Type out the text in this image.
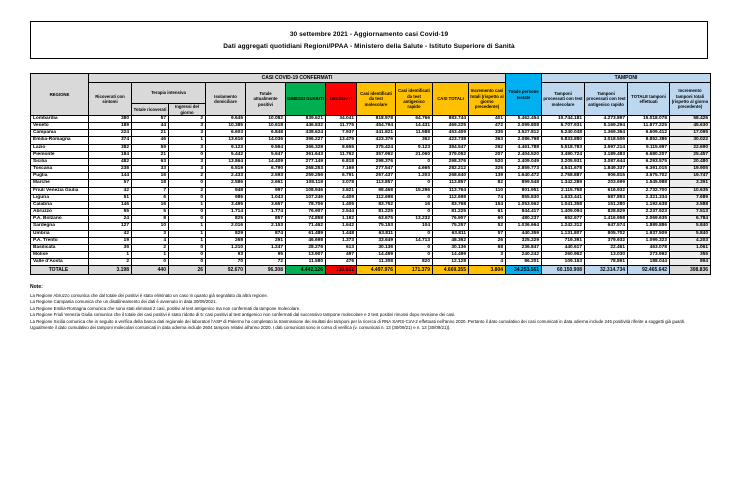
30 settembre 2021 - Aggiornamento casi Covid-19
Dati aggregati quotidiani Regioni/PPAA - Ministero della Salute - Istituto Superiore di Sanità
REGIONE	CASI COVID-19 CONFERMATI											Totale persone testate	TAMPONI			
	Ricoverati con sintomi	Terapia intensiva		Isolamento domiciliare	Totale attualmente positivi	DIMESSI GUARITI	DECEDUTI	Casi identificati da test molecolare	Casi identificati da test antigenico rapido	CASI TOTALI	Incremento casi totali (rispetto al giorno precedente)		Tamponi processati con test molecolare	Tamponi processati con test antigenico rapido	TOTALE tamponi effettuati	Incremento tamponi totali (rispetto al giorno precedente)
		Totale ricoverati	Ingressi del giorno													
Lombardia	380	57	2	9.645	10.082	839.621	34.041	818.978	64.766	883.744	401	5.462.454	10.744.181	4.273.897	15.018.078	58.426
Veneto	189	44	3	10.385	10.618	446.832	11.775	454.794	14.431	469.225	472	2.099.808	6.707.931	5.169.294	11.877.225	45.630
Campania	224	21	3	6.603	6.848	438.624	7.937	441.821	11.588	453.409	335	3.527.812	5.240.048	1.369.364	6.609.412	17.095
Emilia-Romagna	374	46	1	13.616	14.036	396.227	13.475	423.376	362	423.738	363	2.086.798	5.833.880	3.018.506	8.852.386	30.022
Lazio	382	59	3	9.123	9.564	366.328	8.655	375.424	9.123	384.547	292	4.461.788	5.518.783	3.597.214	9.115.997	22.690
Piemonte	184	21	0	5.442	5.647	361.643	11.762	357.992	21.060	379.052	207	2.404.520	3.490.724	3.189.483	6.680.207	25.457
Sicilia	482	63	3	13.864	14.409	277.149	6.818	298.376	0	298.376	520	2.409.049	3.205.931	3.087.644	6.293.575	20.480
Toscana	238	33	3	6.519	6.790	268.253	7.169	277.547	4.665	282.212	325	2.859.773	4.541.678	1.849.337	6.391.015	19.905
Puglia	144	16	2	2.433	2.593	259.256	6.791	267.437	1.203	268.640	139	1.640.472	2.768.887	906.815	3.675.702	19.747
Marche	57	18	0	2.586	2.661	108.118	3.078	113.857	0	113.857	82	899.548	1.342.289	203.699	1.545.988	3.391
Friuli Venezia Giulia	42	7	2	948	997	108.946	3.821	98.468	15.296	113.764	110	801.951	2.115.768	616.932	2.732.700	10.635
Liguria	51	6	0	986	1.043	107.246	4.409	112.698	0	112.698	74	855.830	1.633.441	687.893	2.321.334	7.689
Calabria	146	16	1	3.495	3.657	78.706	1.405	83.752	16	83.768	154	1.053.562	1.041.358	151.280	1.192.638	3.588
Abruzzo	55	5	0	1.714	1.774	76.907	2.544	81.225	0	81.225	61	844.417	1.409.094	828.829	2.237.923	7.513
P.A. Bolzano	24	8	0	825	857	74.858	1.192	63.675	13.232	76.907	60	480.237	652.677	1.416.958	2.069.635	6.784
Sardegna	127	10	1	2.016	2.153	71.462	1.642	75.153	104	75.257	52	1.036.664	1.242.312	647.574	1.889.886	5.840
Umbria	42	3	1	829	874	61.489	1.448	63.811	0	63.811	57	440.359	1.131.807	805.702	1.937.509	5.840
P.A. Trento	19	4	1	268	291	46.698	1.373	33.649	14.713	48.362	26	325.229	719.391	379.932	1.099.323	4.203
Basilicata	35	2	0	1.210	1.247	28.276	613	30.136	0	30.136	68	236.847	440.617	22.461	463.078	1.061
Molise	1	1	0	93	95	13.907	497	14.499	0	14.499	3	240.242	260.962	13.030	273.992	355
Valle d'Aosta	2	0	0	70	72	11.580	476	11.308	820	12.128	4	86.201	109.153	78.891	188.044	894
TOTALE	3.198	440	26	92.670	96.308	4.442.126	130.921	4.497.976	171.379	4.669.355	3.804	34.253.561	60.150.908	32.314.734	92.465.642	308.836
Note:
La Regione Abruzzo comunica che dal totale dei positivi è stato eliminato un caso in quanto già segnalato da altra regione.
La Regione Campania comunica che un disallineamento dei dati è avvenuto in data 30/09/2021.
La Regione Emilia-Romagna comunica che sono stati eliminati 2 casi, positivi al test antigenico ma non confermati da tampone molecolare.
La Regione Friuli Venezia Giulia comunica che il totale dei casi positivi è stato ridotto di 5: casi positivi al test antigenico non confermati dal successivo tampone molecolare e 2 test positivi rimossi dopo revisione dei casi.
La Regione Sicilia comunica che in seguito a verifica della banca dati regionale dei laboratori l'ASP di Palermo ha completato la trasmissione dei risultati dei tamponi per la ricerca di RNA SARS-CoV-2 effettuati nell'anno 2020. Pertanto il dato cumulativo dei casi comunicati in data odierna include 246 positività riferite a soggetti già guariti. Ugualmente il dato cumulativo dei tamponi molecolari comunicati in data odierna include 2604 tamponi relativi all'anno 2020. I dati comunicati sono in corso di verifica (v. comunicati n. 13 (30/09/21) e n. 13 (30/09/21)).
